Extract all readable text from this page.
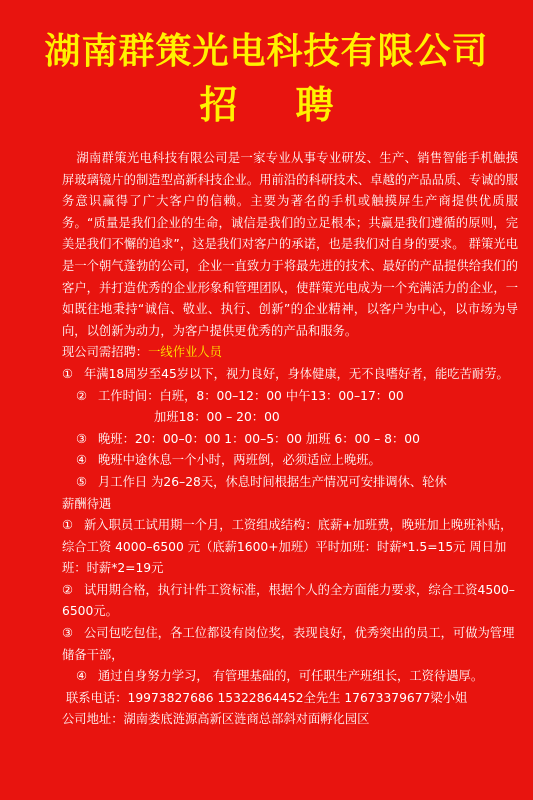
湖南群策光电科技有限公司
招聘

湖南群策光电科技有限公司是一家专业从事专业研发、生产、销售智能手机触摸屏玻璃镜片的制造型高新科技企业。用前沿的科研技术、卓越的产品品质、专诚的服务意识赢得了广大客户的信赖。主要为著名的手机或触摸屏生产商提供优质服务。“质量是我们企业的生命，诚信是我们的立足根本；共赢是我们遵循的原则，完美是我们不懈的追求”，这是我们对客户的承诺，也是我们对自身的要求。 群策光电是一个朝气蓬勃的公司，企业一直致力于将最先进的技术、最好的产品提供给我们的客户，并打造优秀的企业形象和管理团队，使群策光电成为一个充满活力的企业，一如既往地秉持“诚信、敬业、执行、创新”的企业精神，以客户为中心，以市场为导向，以创新为动力，为客户提供更优秀的产品和服务。

现公司需招聘：一线作业人员

① 年满18周岁至45岁以下，视力良好，身体健康，无不良嗜好者，能吃苦耐劳。

② 工作时间：白班，8：00–12：00 中午13：00–17：00

加班18：00 – 20：00

③ 晚班：20：00–0：00 1：00–5：00 加班 6：00 – 8：00

④ 晚班中途休息一个小时，两班倒，必须适应上晚班。

⑤ 月工作日 为26–28天，休息时间根据生产情况可安排调休、轮休

薪酬待遇

① 新入职员工试用期一个月，工资组成结构：底薪+加班费，晚班加上晚班补贴，综合工资 4000–6500 元（底薪1600+加班）平时加班：时薪*1.5=15元 周日加班：时薪*2=19元

② 试用期合格，执行计件工资标准，根据个人的全方面能力要求，综合工资4500–6500元。

③ 公司包吃包住，各工位都设有岗位奖，表现良好，优秀突出的员工，可做为管理储备干部，

④ 通过自身努力学习， 有管理基础的，可任职生产班组长，工资待遇厚。

联系电话：19973827686 15322864452全先生 17673379677梁小姐

公司地址：湖南娄底涟源高新区涟商总部斜对面孵化园区
